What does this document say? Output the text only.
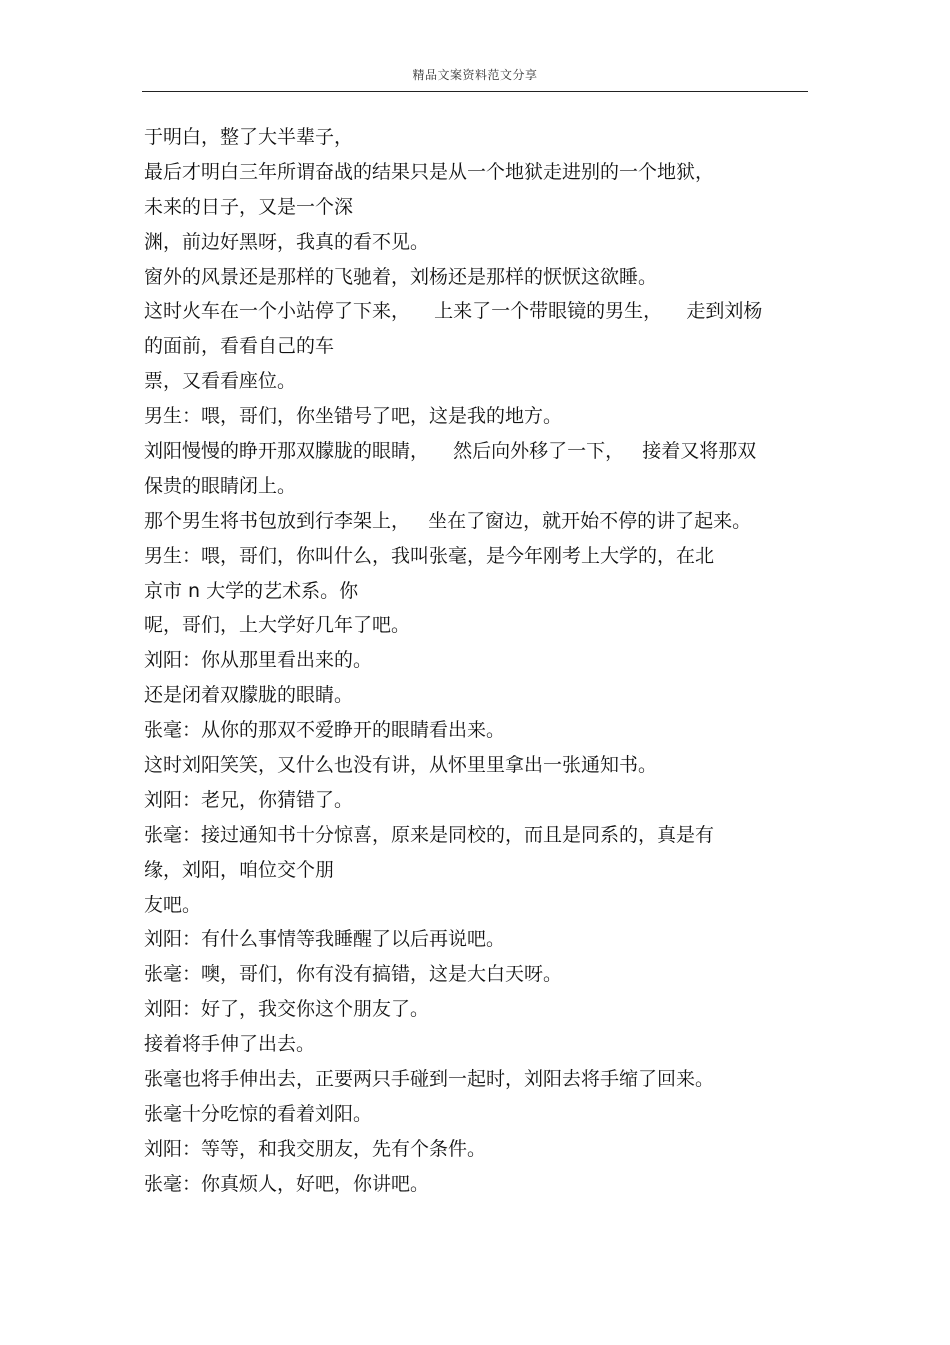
精品文案资料范文分享
于明白，整了大半辈子，
最后才明白三年所谓奋战的结果只是从一个地狱走进别的一个地狱，
未来的日子，又是一个深
渊，前边好黑呀，我真的看不见。
窗外的风景还是那样的飞驰着，刘杨还是那样的恹恹这欲睡。
这时火车在一个小站停了下来，    上来了一个带眼镜的男生，    走到刘杨
的面前，看看自己的车
票，又看看座位。
男生：喂，哥们，你坐错号了吧，这是我的地方。
刘阳慢慢的睁开那双朦胧的眼睛，    然后向外移了一下，   接着又将那双
保贵的眼睛闭上。
那个男生将书包放到行李架上，   坐在了窗边，就开始不停的讲了起来。
男生：喂，哥们，你叫什么，我叫张毫，是今年刚考上大学的，在北
京市 n 大学的艺术系。你
呢，哥们，上大学好几年了吧。
刘阳：你从那里看出来的。
还是闭着双朦胧的眼睛。
张毫：从你的那双不爱睁开的眼睛看出来。
这时刘阳笑笑，又什么也没有讲，从怀里里拿出一张通知书。
刘阳：老兄，你猜错了。
张毫：接过通知书十分惊喜，原来是同校的，而且是同系的，真是有
缘，刘阳，咱位交个朋
友吧。
刘阳：有什么事情等我睡醒了以后再说吧。
张毫：噢，哥们，你有没有搞错，这是大白天呀。
刘阳：好了，我交你这个朋友了。
接着将手伸了出去。
张毫也将手伸出去，正要两只手碰到一起时，刘阳去将手缩了回来。
张毫十分吃惊的看着刘阳。
刘阳：等等，和我交朋友，先有个条件。
张毫：你真烦人，好吧，你讲吧。
